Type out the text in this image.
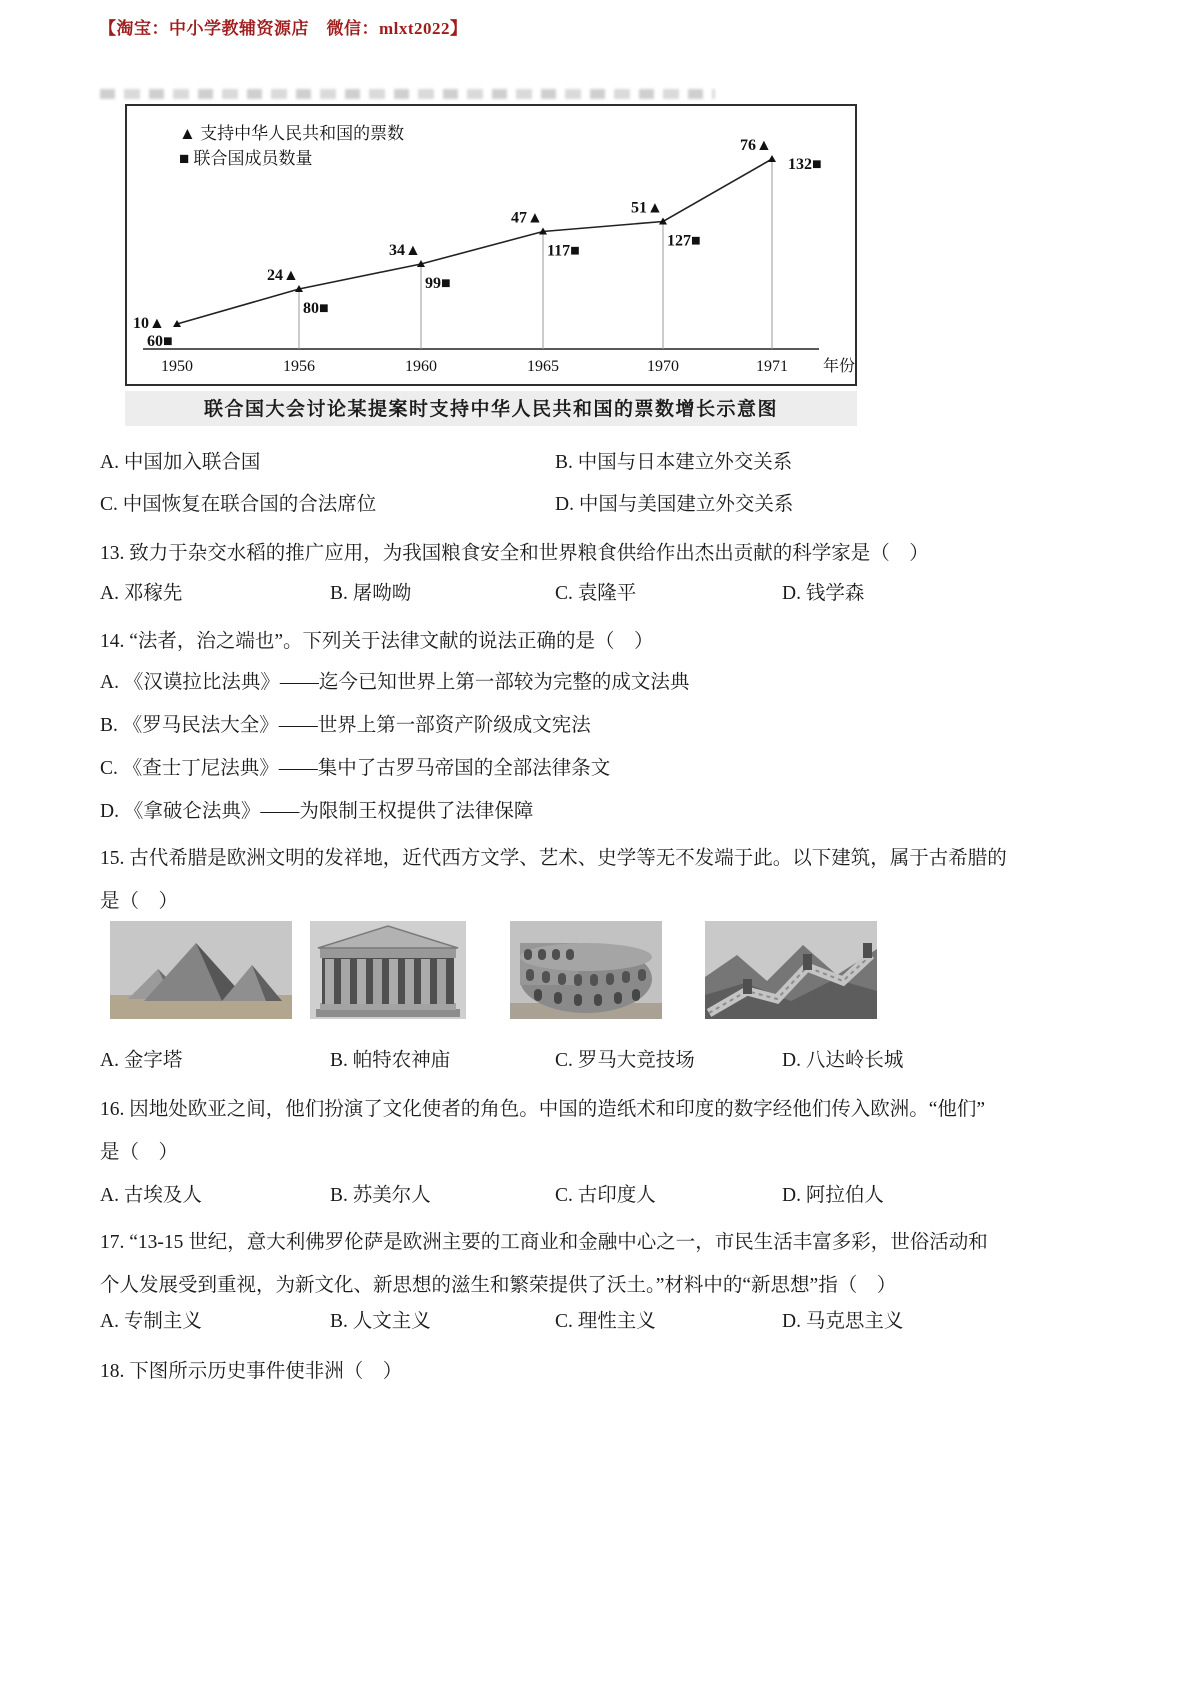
【淘宝：中小学教辅资源店　微信：mlxt2022】
▲ 支持中华人民共和国的票数
■ 联合国成员数量
1950	1956	1960	1965	1970	1971 年份
10▲
60■
24▲
80■
34▲
99■
47▲
117■
51▲
127■
76▲
132■
联合国大会讨论某提案时支持中华人民共和国的票数增长示意图
A. 中国加入联合国	B. 中国与日本建立外交关系
C. 中国恢复在联合国的合法席位	D. 中国与美国建立外交关系
13. 致力于杂交水稻的推广应用，为我国粮食安全和世界粮食供给作出杰出贡献的科学家是（　）
A. 邓稼先	B. 屠呦呦	C. 袁隆平	D. 钱学森
14. “法者，治之端也”。下列关于法律文献的说法正确的是（　）
A. 《汉谟拉比法典》——迄今已知世界上第一部较为完整的成文法典
B. 《罗马民法大全》——世界上第一部资产阶级成文宪法
C. 《查士丁尼法典》——集中了古罗马帝国的全部法律条文
D. 《拿破仑法典》——为限制王权提供了法律保障
15. 古代希腊是欧洲文明的发祥地，近代西方文学、艺术、史学等无不发端于此。以下建筑，属于古希腊的
是（　）
A. 金字塔	B. 帕特农神庙	C. 罗马大竞技场	D. 八达岭长城
16. 因地处欧亚之间，他们扮演了文化使者的角色。中国的造纸术和印度的数字经他们传入欧洲。“他们”
是（　）
A. 古埃及人	B. 苏美尔人	C. 古印度人	D. 阿拉伯人
17. “13-15 世纪，意大利佛罗伦萨是欧洲主要的工商业和金融中心之一，市民生活丰富多彩，世俗活动和
个人发展受到重视，为新文化、新思想的滋生和繁荣提供了沃土。”材料中的“新思想”指（　）
A. 专制主义	B. 人文主义	C. 理性主义	D. 马克思主义
18. 下图所示历史事件使非洲（　）
